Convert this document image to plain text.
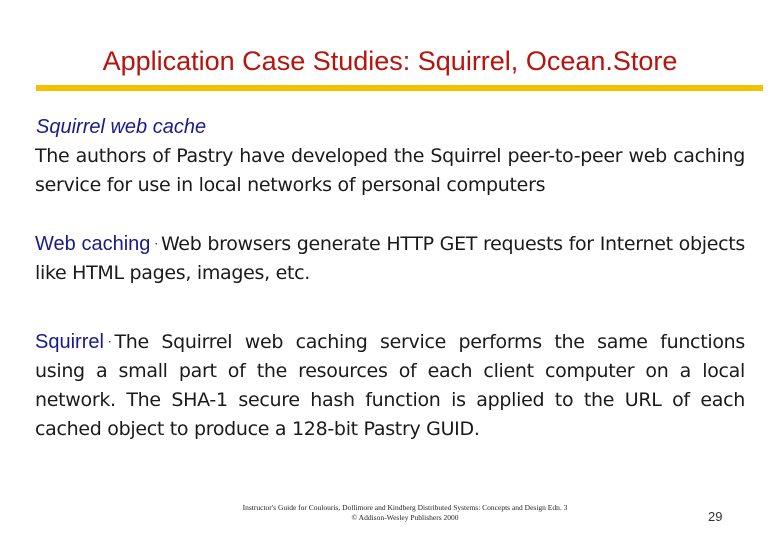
Application Case Studies: Squirrel, Ocean.Store
Squirrel web cache
The authors of Pastry have developed the Squirrel peer-to-peer web caching service for use in local networks of personal computers
Web caching · Web browsers generate HTTP GET requests for Internet objects like HTML pages, images, etc.
Squirrel · The Squirrel web caching service performs the same functions using a small part of the resources of each client computer on a local network. The SHA-1 secure hash function is applied to the URL of each cached object to produce a 128-bit Pastry GUID.
Instructor's Guide for Coulouris, Dollimore and Kindberg Distributed Systems: Concepts and Design Edn. 3
© Addison-Wesley Publishers 2000	29
